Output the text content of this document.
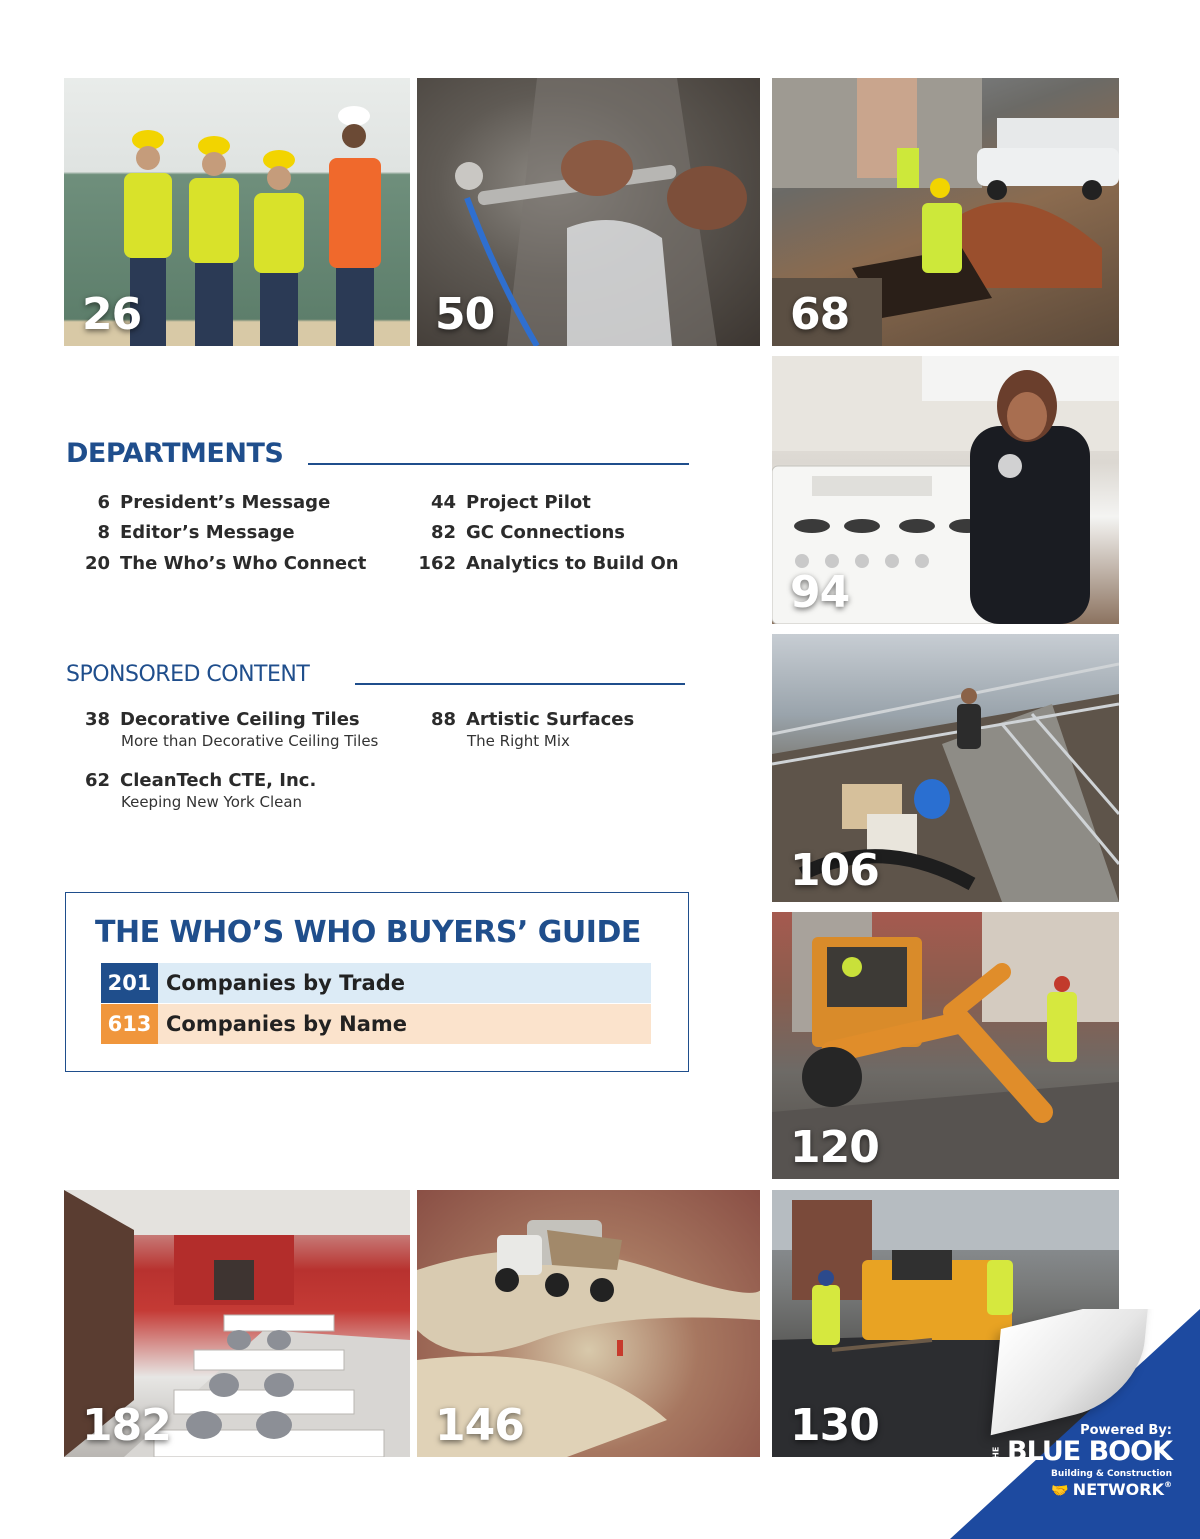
26	50	68
94
106
120
182	146	130
DEPARTMENTS
6 President’s Message
8 Editor’s Message
20 The Who’s Who Connect
44 Project Pilot
82 GC Connections
162 Analytics to Build On
SPONSORED CONTENT
38 Decorative Ceiling Tiles
More than Decorative Ceiling Tiles
62 CleanTech CTE, Inc.
Keeping New York Clean
88 Artistic Surfaces
The Right Mix
THE WHO’S WHO BUYERS’ GUIDE
201 Companies by Trade
613 Companies by Name
Powered By:
THE BLUE BOOK
Building & Construction
🤝 NETWORK®
